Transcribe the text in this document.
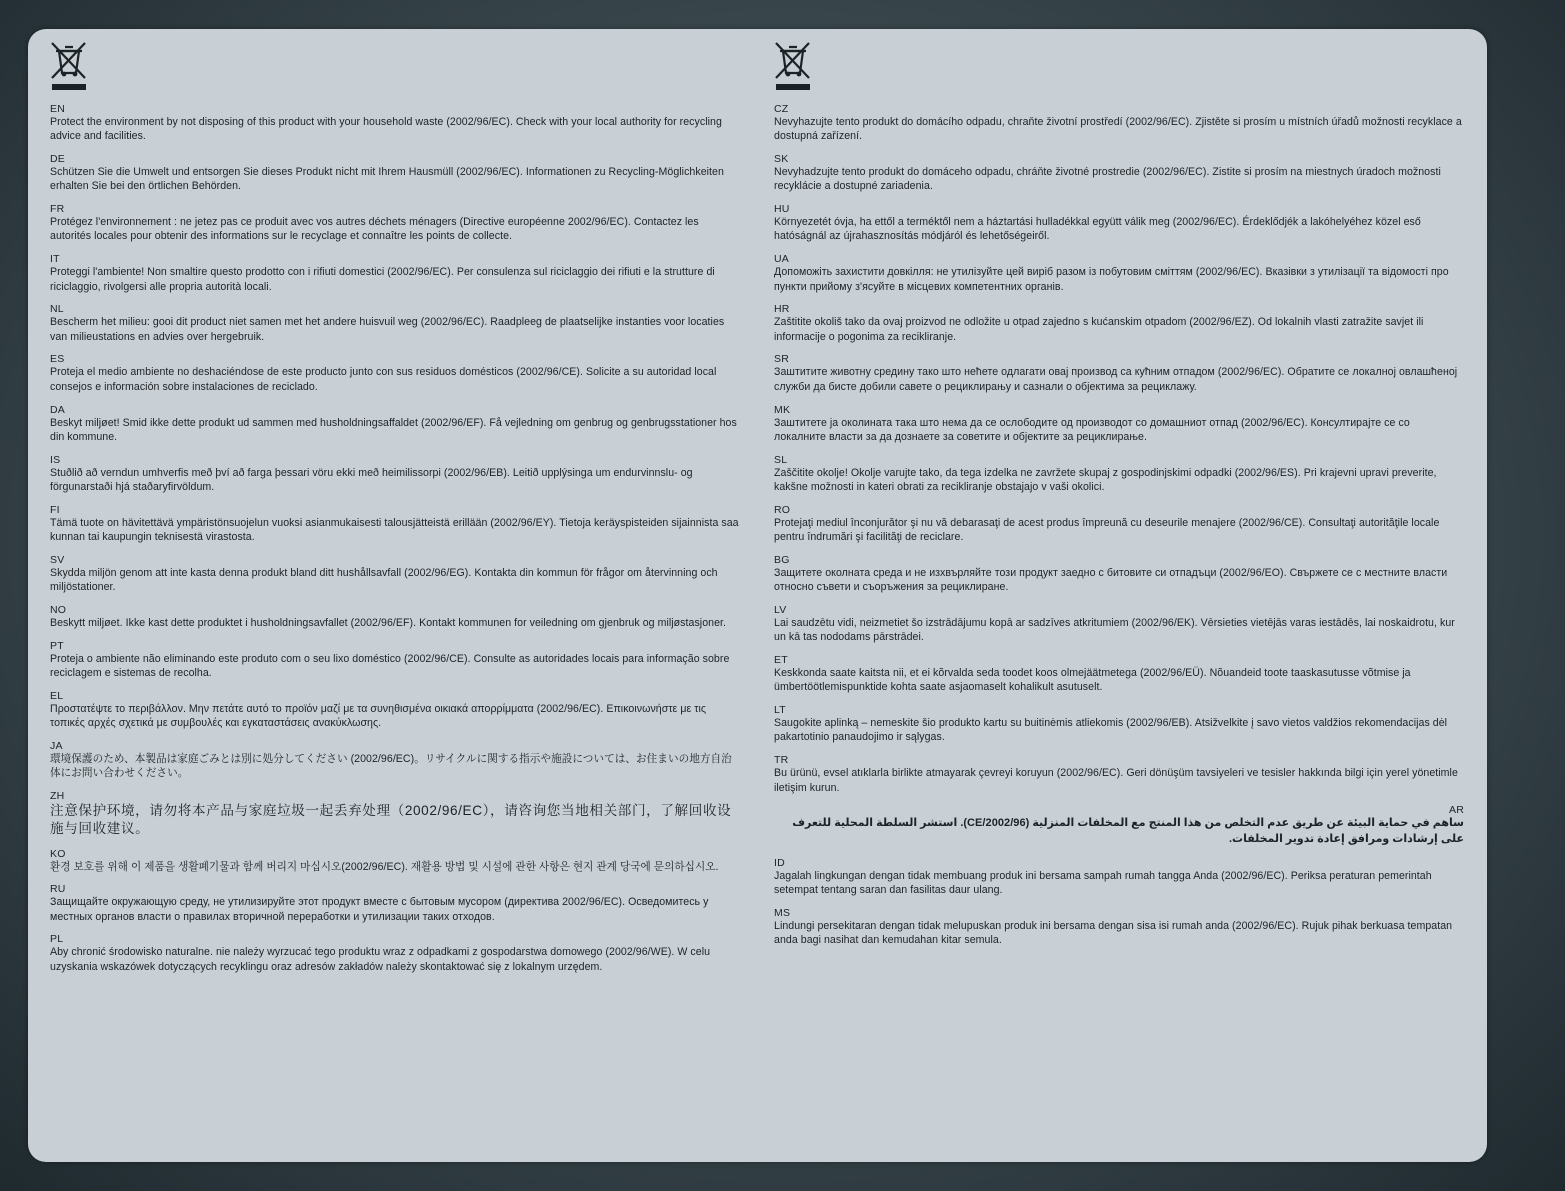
EN
Protect the environment by not disposing of this product with your household waste (2002/96/EC). Check with your local authority for recycling advice and facilities.
DE
Schützen Sie die Umwelt und entsorgen Sie dieses Produkt nicht mit Ihrem Hausmüll (2002/96/EC). Informationen zu Recycling-Möglichkeiten erhalten Sie bei den örtlichen Behörden.
FR
Protégez l'environnement : ne jetez pas ce produit avec vos autres déchets ménagers (Directive européenne 2002/96/EC). Contactez les autorités locales pour obtenir des informations sur le recyclage et connaître les points de collecte.
IT
Proteggi l'ambiente! Non smaltire questo prodotto con i rifiuti domestici (2002/96/EC). Per consulenza sul riciclaggio dei rifiuti e la strutture di riciclaggio, rivolgersi alle propria autorità locali.
NL
Bescherm het milieu: gooi dit product niet samen met het andere huisvuil weg (2002/96/EC). Raadpleeg de plaatselijke instanties voor locaties van milieustations en advies over hergebruik.
ES
Proteja el medio ambiente no deshaciéndose de este producto junto con sus residuos domésticos (2002/96/CE). Solicite a su autoridad local consejos e información sobre instalaciones de reciclado.
DA
Beskyt miljøet! Smid ikke dette produkt ud sammen med husholdningsaffaldet (2002/96/EF). Få vejledning om genbrug og genbrugsstationer hos din kommune.
IS
Stuðlið að verndun umhverfis með því að farga þessari vöru ekki með heimilissorpi (2002/96/EB). Leitið upplýsinga um endurvinnslu- og förgunarstaði hjá staðaryfirvöldum.
FI
Tämä tuote on hävitettävä ympäristönsuojelun vuoksi asianmukaisesti talousjätteistä erillään (2002/96/EY). Tietoja keräyspisteiden sijainnista saa kunnan tai kaupungin teknisestä virastosta.
SV
Skydda miljön genom att inte kasta denna produkt bland ditt hushållsavfall (2002/96/EG). Kontakta din kommun för frågor om återvinning och miljöstationer.
NO
Beskytt miljøet. Ikke kast dette produktet i husholdningsavfallet (2002/96/EF). Kontakt kommunen for veiledning om gjenbruk og miljøstasjoner.
PT
Proteja o ambiente não eliminando este produto com o seu lixo doméstico (2002/96/CE). Consulte as autoridades locais para informação sobre reciclagem e sistemas de recolha.
EL
Προστατέψτε το περιβάλλον. Μην πετάτε αυτό το προϊόν μαζί με τα συνηθισμένα οικιακά απορρίμματα (2002/96/ΕC). Επικοινωνήστε με τις τοπικές αρχές σχετικά με συμβουλές και εγκαταστάσεις ανακύκλωσης.
JA
環境保護のため、本製品は家庭ごみとは別に処分してください (2002/96/EC)。リサイクルに関する指示や施設については、お住まいの地方自治体にお問い合わせください。
ZH
注意保护环境，请勿将本产品与家庭垃圾一起丢弃处理（2002/96/EC），请咨询您当地相关部门，了解回收设施与回收建议。
KO
환경 보호를 위해 이 제품을 생활폐기물과 함께 버리지 마십시오(2002/96/EC). 재활용 방법 및 시설에 관한 사항은 현지 관계 당국에 문의하십시오.
RU
Защищайте окружающую среду, не утилизируйте этот продукт вместе с бытовым мусором (директива 2002/96/EC). Осведомитесь у местных органов власти о правилах вторичной переработки и утилизации таких отходов.
PL
Aby chronić środowisko naturalne. nie należy wyrzucać tego produktu wraz z odpadkami z gospodarstwa domowego (2002/96/WE). W celu uzyskania wskazówek dotyczących recyklingu oraz adresów zakładów należy skontaktować się z lokalnym urzędem.
CZ
Nevyhazujte tento produkt do domácího odpadu, chraňte životní prostředí (2002/96/EC). Zjistěte si prosím u místních úřadů možnosti recyklace a dostupná zařízení.
SK
Nevyhadzujte tento produkt do domáceho odpadu, chráňte životné prostredie (2002/96/EC). Zistite si prosím na miestnych úradoch možnosti recyklácie a dostupné zariadenia.
HU
Környezetét óvja, ha ettől a terméktől nem a háztartási hulladékkal együtt válik meg (2002/96/EC). Érdeklődjék a lakóhelyéhez közel eső hatóságnál az újrahasznosítás módjáról és lehetőségeiről.
UA
Допоможіть захистити довкілля: не утилізуйте цей виріб разом із побутовим сміттям (2002/96/EC). Вказівки з утилізації та відомості про пункти прийому з'ясуйте в місцевих компетентних органів.
HR
Zaštitite okoliš tako da ovaj proizvod ne odložite u otpad zajedno s kućanskim otpadom (2002/96/EZ). Od lokalnih vlasti zatražite savjet ili informacije o pogonima za recikliranje.
SR
Заштитите животну средину тако што нећете одлагати овај производ са кућним отпадом (2002/96/EC). Обратите се локалној овлашћеној служби да бисте добили савете о рециклирању и сазнали о објектима за рециклажу.
MK
Заштитете ја околината така што нема да се ослободите од производот со домашниот отпад (2002/96/EC). Консултирајте се со локалните власти за да дознаете за советите и објектите за рециклирање.
SL
Zaščitite okolje! Okolje varujte tako, da tega izdelka ne zavržete skupaj z gospodinjskimi odpadki (2002/96/ES). Pri krajevni upravi preverite, kakšne možnosti in kateri obrati za recikliranje obstajajo v vaši okolici.
RO
Protejaţi mediul înconjurător şi nu vă debarasaţi de acest produs împreună cu deseurile menajere (2002/96/CE). Consultaţi autorităţile locale pentru îndrumări şi facilităţi de reciclare.
BG
Защитете околната среда и не изхвърляйте този продукт заедно с битовите си отпадъци (2002/96/ЕО). Свържете се с местните власти относно съвети и съоръжения за рециклиране.
LV
Lai saudzētu vidi, neizmetiet šo izstrādājumu kopā ar sadzīves atkritumiem (2002/96/EK). Vērsieties vietējās varas iestādēs, lai noskaidrotu, kur un kā tas nododams pārstrādei.
ET
Keskkonda saate kaitsta nii, et ei kõrvalda seda toodet koos olmejäätmetega (2002/96/EÜ). Nõuandeid toote taaskasutusse võtmise ja ümbertöötlemispunktide kohta saate asjaomaselt kohalikult asutuselt.
LT
Saugokite aplinką – nemeskite šio produkto kartu su buitinėmis atliekomis (2002/96/EB). Atsižvelkite į savo vietos valdžios rekomendacijas dėl pakartotinio panaudojimo ir sąlygas.
TR
Bu ürünü, evsel atıklarla birlikte atmayarak çevreyi koruyun (2002/96/EC). Geri dönüşüm tavsiyeleri ve tesisler hakkında bilgi için yerel yönetimle iletişim kurun.
AR
ساهم في حماية البيئة عن طريق عدم التخلص من هذا المنتج مع المخلفات المنزلية (CE/2002/96). استشر السلطة المحلية للتعرف على إرشادات ومرافق إعادة تدوير المخلفات.
ID
Jagalah lingkungan dengan tidak membuang produk ini bersama sampah rumah tangga Anda (2002/96/EC). Periksa peraturan pemerintah setempat tentang saran dan fasilitas daur ulang.
MS
Lindungi persekitaran dengan tidak melupuskan produk ini bersama dengan sisa isi rumah anda (2002/96/EC). Rujuk pihak berkuasa tempatan anda bagi nasihat dan kemudahan kitar semula.
